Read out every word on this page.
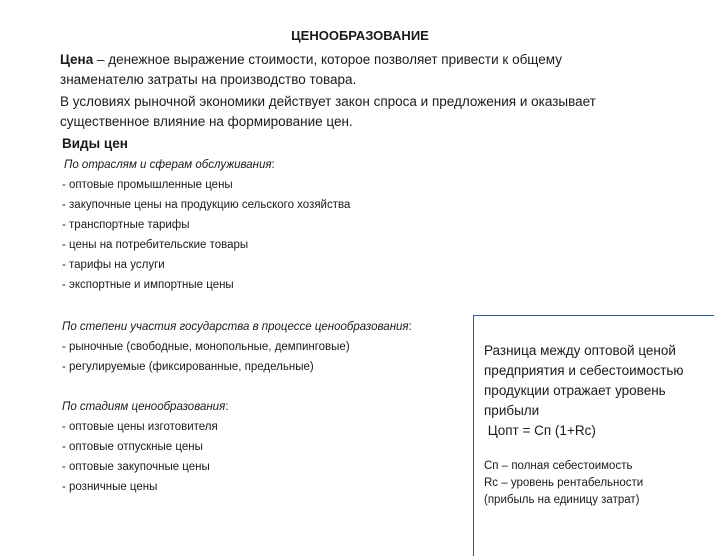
ЦЕНООБРАЗОВАНИЕ
Цена – денежное выражение стоимости, которое позволяет привести к общему
знаменателю затраты на производство товара.
В условиях рыночной экономики действует закон спроса и предложения и оказывает
существенное влияние на формирование цен.
Виды цен
По отраслям и сферам обслуживания:
- оптовые промышленные цены
- закупочные цены на продукцию сельского хозяйства
- транспортные тарифы
- цены на потребительские товары
- тарифы на услуги
- экспортные и импортные цены
По степени участия государства в процессе ценообразования:
- рыночные (свободные, монопольные, демпинговые)
- регулируемые (фиксированные, предельные)
По стадиям ценообразования:
- оптовые цены изготовителя
- оптовые отпускные цены
- оптовые закупочные цены
- розничные цены
Разница между оптовой ценой
предприятия и себестоимостью
продукции отражает уровень
прибыли
Цопт = Сп (1+Rс)
Сп – полная себестоимость
Rс – уровень рентабельности
(прибыль на единицу затрат)
